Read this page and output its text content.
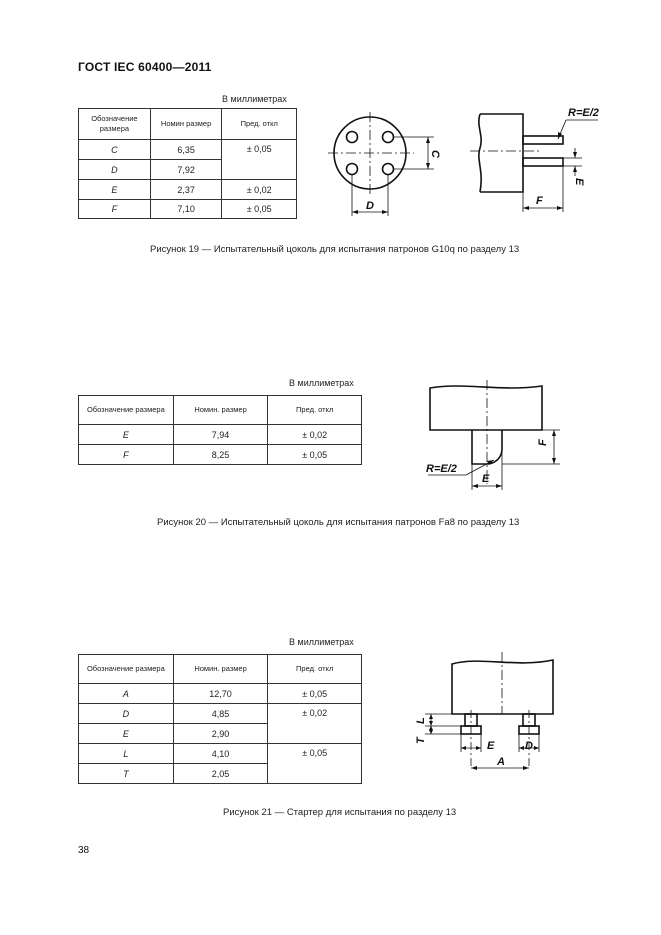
ГОСТ IEC 60400—2011
В миллиметрах
Обозначение размера	Номин размер	Пред. откл
C	6,35	± 0,05
D	7,92	
E	2,37	± 0,02
F	7,10	± 0,05	D
C
R=E/2
E
F
Рисунок 19 — Испытательный цоколь для испытания патронов G10q по разделу 13
В миллиметрах
Обозначение размера	Номин. размер	Пред. откл
E	7,94	± 0,02
F	8,25	± 0,05
R=E/2
E
F
Рисунок 20 — Испытательный цоколь для испытания патронов Fa8 по разделу 13
В миллиметрах
Обозначение размера	Номин. размер	Пред. откл
A	12,70	± 0,05
D	4,85	± 0,02
E	2,90	
L	4,10	± 0,05
T	2,05	
L
T	E	D
A
Рисунок 21 — Стартер для испытания по разделу 13
38
